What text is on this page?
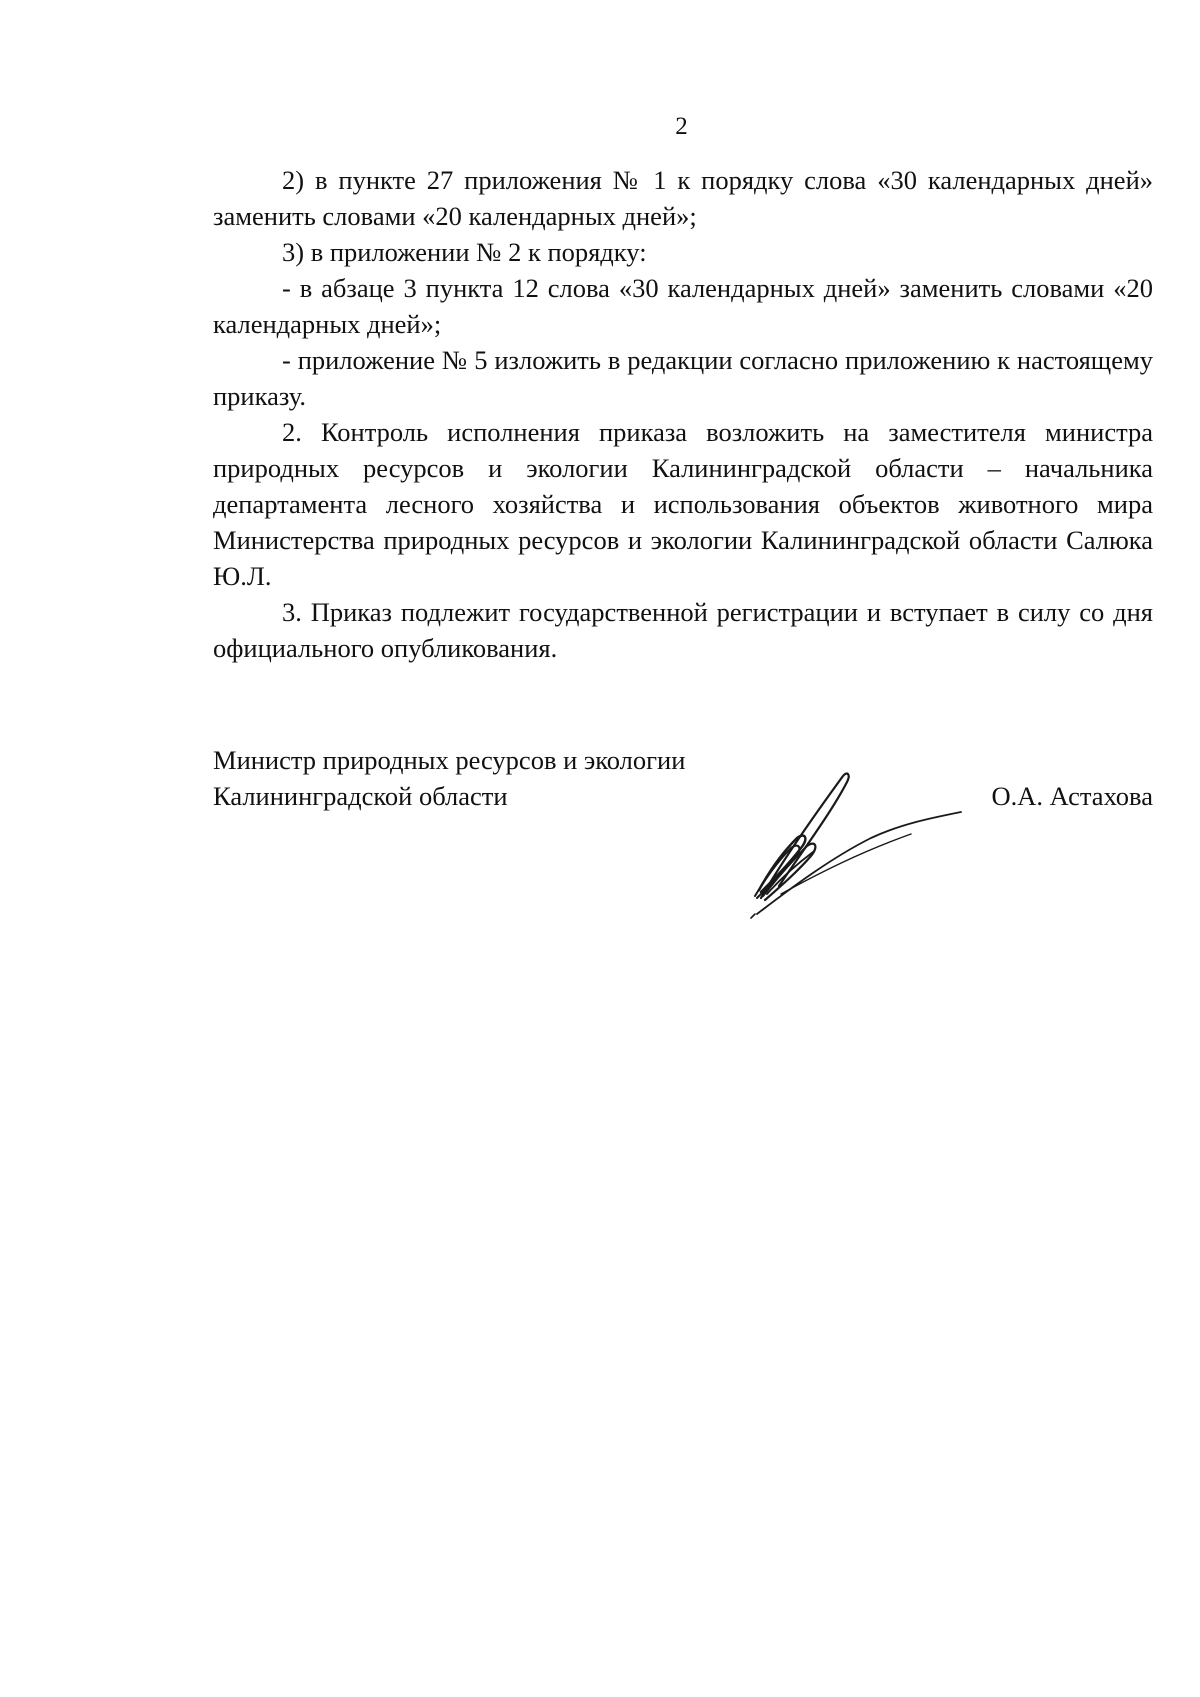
2

2) в пункте 27 приложения № 1 к порядку слова «30 календарных дней» заменить словами «20 календарных дней»;

3) в приложении № 2 к порядку:

- в абзаце 3 пункта 12 слова «30 календарных дней» заменить словами «20 календарных дней»;

- приложение № 5 изложить в редакции согласно приложению к настоящему приказу.

2. Контроль исполнения приказа возложить на заместителя министра природных ресурсов и экологии Калининградской области – начальника департамента лесного хозяйства и использования объектов животного мира Министерства природных ресурсов и экологии Калининградской области Салюка Ю.Л.

3. Приказ подлежит государственной регистрации и вступает в силу со дня официального опубликования.

Министр природных ресурсов и экологии
Калининградской области	О.А. Астахова
